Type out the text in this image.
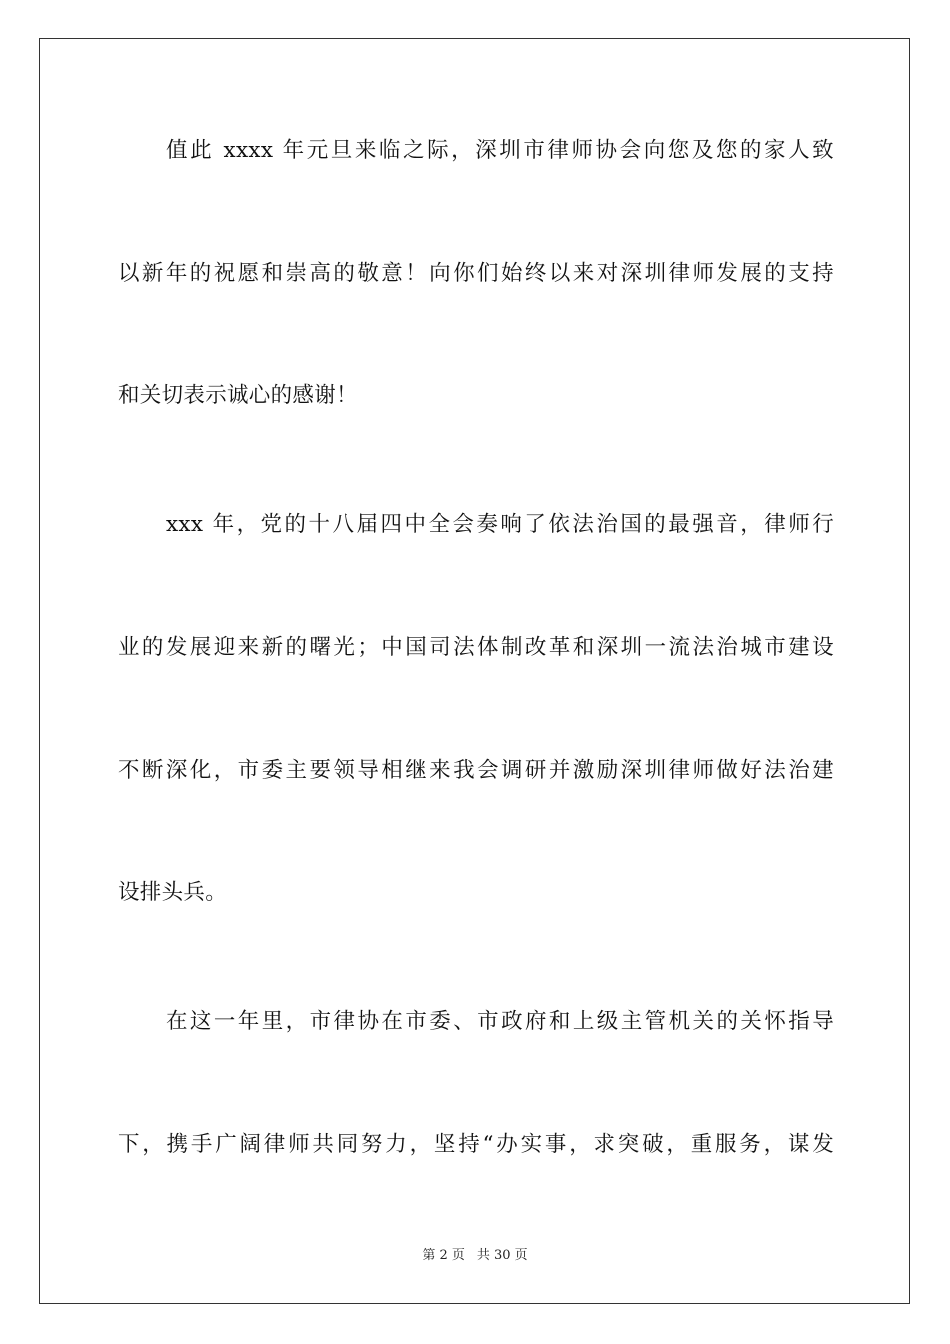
值此 xxxx 年元旦来临之际，深圳市律师协会向您及您的家人致
以新年的祝愿和崇高的敬意！向你们始终以来对深圳律师发展的支持
和关切表示诚心的感谢！
xxx 年，党的十八届四中全会奏响了依法治国的最强音，律师行
业的发展迎来新的曙光；中国司法体制改革和深圳一流法治城市建设
不断深化，市委主要领导相继来我会调研并激励深圳律师做好法治建
设排头兵。
在这一年里，市律协在市委、市政府和上级主管机关的关怀指导
下，携手广阔律师共同努力，坚持“办实事，求突破，重服务，谋发
第 2 页 共 30 页
